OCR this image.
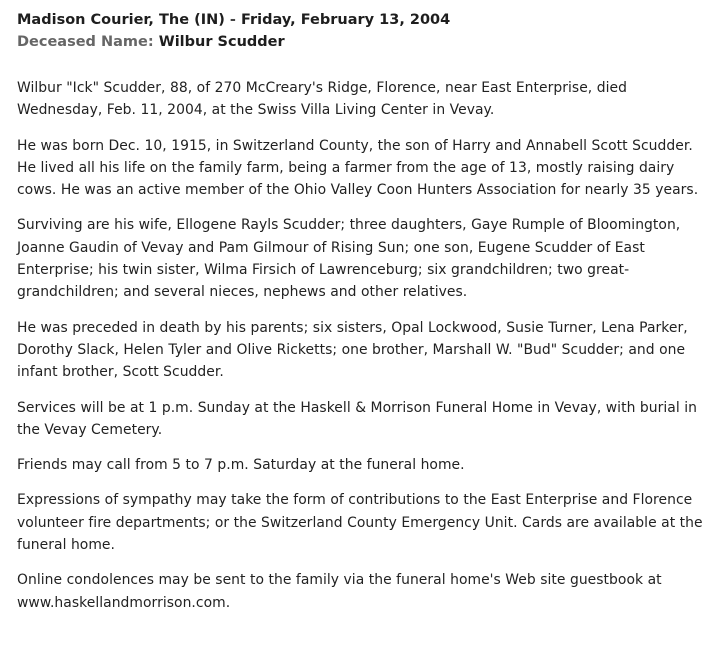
Madison Courier, The (IN) - Friday, February 13, 2004
Deceased Name: Wilbur Scudder

Wilbur "Ick" Scudder, 88, of 270 McCreary's Ridge, Florence, near East Enterprise, died Wednesday, Feb. 11, 2004, at the Swiss Villa Living Center in Vevay.

He was born Dec. 10, 1915, in Switzerland County, the son of Harry and Annabell Scott Scudder. He lived all his life on the family farm, being a farmer from the age of 13, mostly raising dairy cows. He was an active member of the Ohio Valley Coon Hunters Association for nearly 35 years.

Surviving are his wife, Ellogene Rayls Scudder; three daughters, Gaye Rumple of Bloomington, Joanne Gaudin of Vevay and Pam Gilmour of Rising Sun; one son, Eugene Scudder of East Enterprise; his twin sister, Wilma Firsich of Lawrenceburg; six grandchildren; two great-grandchildren; and several nieces, nephews and other relatives.

He was preceded in death by his parents; six sisters, Opal Lockwood, Susie Turner, Lena Parker, Dorothy Slack, Helen Tyler and Olive Ricketts; one brother, Marshall W. "Bud" Scudder; and one infant brother, Scott Scudder.

Services will be at 1 p.m. Sunday at the Haskell & Morrison Funeral Home in Vevay, with burial in the Vevay Cemetery.

Friends may call from 5 to 7 p.m. Saturday at the funeral home.

Expressions of sympathy may take the form of contributions to the East Enterprise and Florence volunteer fire departments; or the Switzerland County Emergency Unit. Cards are available at the funeral home.

Online condolences may be sent to the family via the funeral home's Web site guestbook at www.haskellandmorrison.com.
